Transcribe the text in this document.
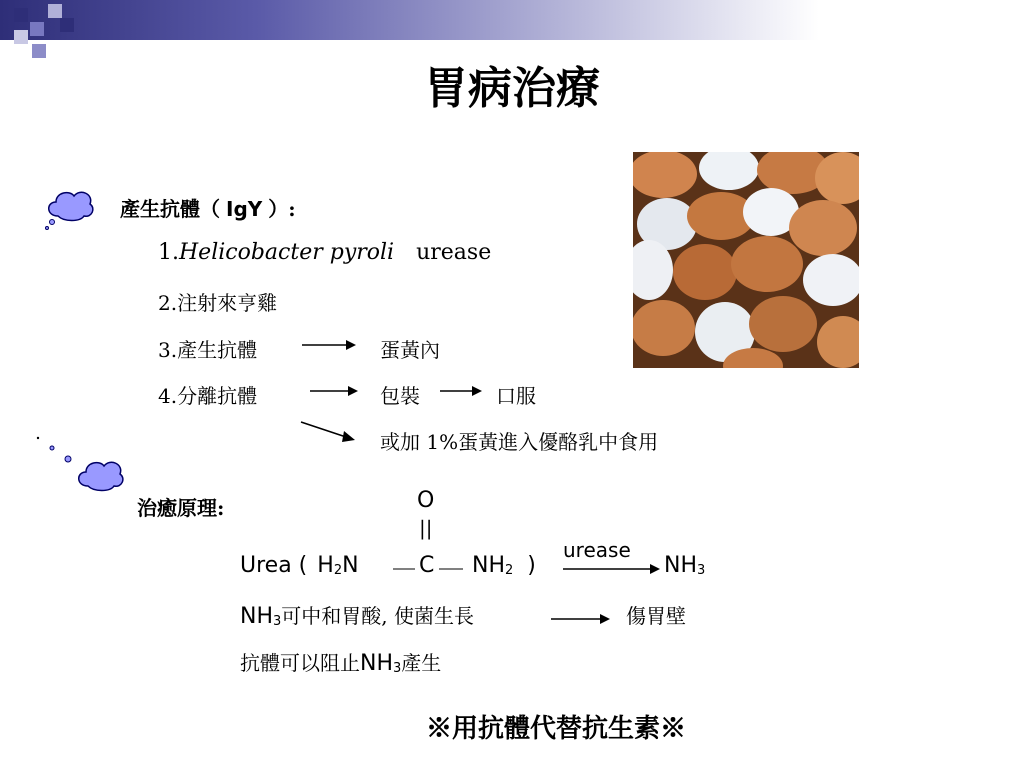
胃病治療
產生抗體（ IgY ）:
1.Helicobacter pyroli urease
2.注射來亨雞
3.產生抗體	蛋黃內
4.分離抗體	包裝	口服
或加 1%蛋黃進入優酪乳中食用
治癒原理:	O
||
Urea ( $H_2N$	C $NH_2$ )
urease
$NH_3$
$NH_3$可中和胃酸, 使菌生長	傷胃壁
抗體可以阻止$NH_3$產生
※用抗體代替抗生素※
